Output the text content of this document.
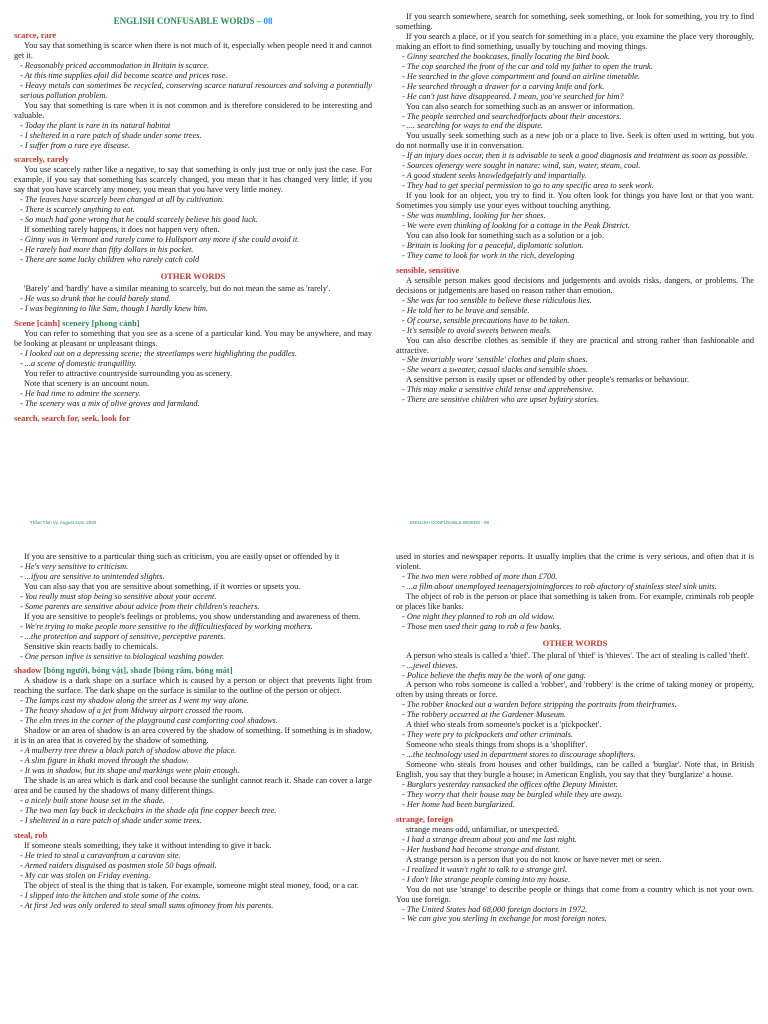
ENGLISH CONFUSABLE WORDS – 08
scarce, rare

You say that something is scarce when there is not much of it, especially when people need it and cannot get it.

- Reasonably priced accommodation in Britain is scarce.

- At this time supplies ofoil did become scarce and prices rose.

- Heavy metals can sometimes be recycled, conserving scarce natural resources and solving a potentially serious pollution problem.

You say that something is rare when it is not common and is therefore considered to be interesting and valuable.

- Today the plant is rare in its natural habitat

- I sheltered in a rare patch of shade under some trees.

- I suffer from a rare eye disease.

scarcely, rarely

You use scarcely rather like a negative, to say that something is only just true or only just the case. For example, if you say that something has scarcely changed, you mean that it has changed very little; if you say that you have scarcely any money, you mean that you have very little money.

- The leaves have scarcely been changed at all by cultivation.

- There is scarcely anything to eat.

- So much had gone wrong that he could scarcely believe his good luck.

If something rarely happens, it does not happen very often.

- Ginny was in Vermont and rarely came to Hullsport any more if she could avoid it.

- He rarely had more than fifty dollars in his pocket.

- There are some lucky children who rarely catch cold

OTHER WORDS

'Barely' and 'hardly' have a similar meaning to scarcely, but do not mean the same as 'rarely'.

- He was so drunk that he could barely stand.

- I was beginning to like Sam, though I hardly knew him.

Scene [cảnh] scenery [phong cảnh]

You can refer to something that you see as a scene of a particular kind. You may be anywhere, and may be looking at pleasant or unpleasant things.

- I looked out on a depressing scene; the streetlamps were highlighting the puddles.

- ...a scene of domestic tranquillity.

You refer to attractive countryside surrounding you as scenery.

Note that scenery is an uncount noun.

- He had time to admire the scenery.

- The scenery was a mix of olive groves and farmland.

search, search for, seek, look for
Thâm Tâm Vy, August 21st, 2020

If you search somewhere, search for something, seek something, or look for something, you try to find something.

If you search a place, or if you search for something in a place, you examine the place very thoroughly, making an effort to find something, usually by touching and moving things.

- Ginny searched the bookcases, finally locating the bird book.

- The cop searched the front of the car and told my father to open the trunk.

- He searched in the glove compartment and found an airline timetable.

- He searched through a drawer for a carving knife and fork.

- He can't just have disappeared. I mean, you've searched for him?

You can also search for something such as an answer or information.

- The people searched and searchedforfacts about their ancestors.

- .... searching for ways to end the dispute.

You usually seek something such as a new job or a place to live. Seek is often used in writing, but you do not normally use it in conversation.

- If an injury does occur, then it is advisable to seek a good diagnosis and treatment as soon as possible.

- Sources ofenergy were sought in nature: wind, sun, water, steam, coal.

- A good student seeks knowledgefairly and impartially.

- They had to get special permission to go to any specific area to seek work.

If you look for an object, you try to find it. You often look for things you have lost or that you want. Sometimes you simply use your eyes without touching anything.

- She was mumbling, looking for her shoes.

- We were even thinking of looking for a cottage in the Peak District.

You can also look for something such as a solution or a job.

- Britain is looking for a peaceful, diplomatic solution.

- They came to look for work in the rich, developing

sensible, sensitive

A sensible person makes good decisions and judgements and avoids risks, dangers, or problems. The decisions or judgements are based on reason rather than emotion.

- She was far too sensible to believe these ridiculous lies.

- He told her to be brave and sensible.

- Of course, sensible precautions have to be taken.

- It's sensible to avoid sweets between meals.

You can also describe clothes as sensible if they are practical and strong rather than fashionable and attractive.

- She invariably wore 'sensible' clothes and plain shoes.

- She wears a sweater, casual slacks and sensible shoes.

A sensitive person is easily upset or offended by other people's remarks or behaviour.

- This may make a sensitive child tense and apprehensive.

- There are sensitive children who are upset byfairy stories.

ENGLISH CONFUSABLE WORDS - 08

If you are sensitive to a particular thing such as criticism, you are easily upset or offended by it

- He's very sensitive to criticism.

- ...ifyou are sensitive to unintended slights.

You can also say that you are sensitive about something, if it worries or upsets you.

- You really must stop being so sensitive about your accent.

- Some parents are sensitive about advice from their children's teachers.

If you are sensitive to people's feelings or problems, you show understanding and awareness of them.

- We're trying to make people more sensitive to the difficultiesfaced by working mothers.

- ...the protection and support of sensitive, perceptive parents.

Sensitive skin reacts badly to chemicals.

- One person infive is sensitive to biological washing powder.

shadow [bóng người, bóng vật], shade [bóng râm, bóng mát]

A shadow is a dark shape on a surface which is caused by a person or object that prevents light from reaching the surface. The dark shape on the surface is similar to the outline of the person or object.

- The lamps cast my shadow along the street as I went my way alone.

- The heavy shadow of a jet from Midway airport crossed the room.

- The elm trees in the corner of the playground cast comforting cool shadows.

Shadow or an area of shadow is an area covered by the shadow of something. If something is in shadow, it is in an area that is covered by the shadow of something.

- A mulberry tree threw a black patch of shadow above the place.

- A slim figure in khaki moved through the shadow.

- It was in shadow, but its shape and markings were plain enough.

The shade is an area which is dark and cool because the sunlight cannot reach it. Shade can cover a large area and be caused by the shadows of many different things.

- a nicely built stone house set in the shade.

- The two men lay back in deckchairs in the shade ofa fine copper beech tree.

- I sheltered in a rare patch of shade under some trees.

steal, rob

If someone steals something, they take it without intending to give it back.

- He tried to steal a caravanfrom a caravan site.

- Armed raiders disguised as postmen stole 50 bags ofmail.

- My car was stolen on Friday evening.

The object of steal is the thing that is taken. For example, someone might steal money, food, or a car.

- I slipped into the kitchen and stole some of the coins.

- At first Jed was only ordered to steal small sums ofmoney from his parents.

used in stories and newspaper reports. It usually implies that the crime is very serious, and often that it is violent.

- The two men were robbed of more than £700.

- ...a film about unemployed teenagersjoiningforces to rob afactory of stainless steel sink units.

The object of rob is the person or place that something is taken from. For example, criminals rob people or places like banks.

- One night they planned to rob an old widow.

- Those men used their gang to rob a few banks.

OTHER WORDS

A person who steals is called a 'thief'. The plural of 'thief' is 'thieves'. The act of stealing is called 'theft'.

- ...jewel thieves.

- Police believe the thefts may be the work of one gang.

A person who robs someone is called a 'robber', and 'robbery' is the crime of taking money or property, often by using threats or force.

- The robber knocked out a warden before stripping the portraits from theirframes.

- The robbery occurred at the Gardener Museum.

A thief who steals from someone's pocket is a 'pickpocket'.

- They were pry to pickpockets and other criminals.

Someone who steals things from shops is a 'shoplifter'.

- ...the technology used in department stores to discourage shoplifters.

Someone who steals from houses and other buildings, can be called a 'burglar'. Note that, in British English, you say that they burgle a house; in American English, you say that they 'burglarize' a house.

- Burglars yesterday ransacked the offices ofthe Deputy Minister.

- They worry that their house may be burgled while they are away.

- Her home had been burglarized.

strange, foreign

strange means odd, unfamiliar, or unexpected.

- I had a strange dream about you and me last night.

- Her husband had become strange and distant.

A strange person is a person that you do not know or have never met or seen.

- I realized it wasn't right to talk to a strange girl.

- I don't like strange people coming into my house.

You do not use 'strange' to describe people or things that come from a country which is not your own. You use foreign.

- The United States had 68,000 foreign doctors in 1972.

- We can give you sterling in exchange for most foreign notes.
